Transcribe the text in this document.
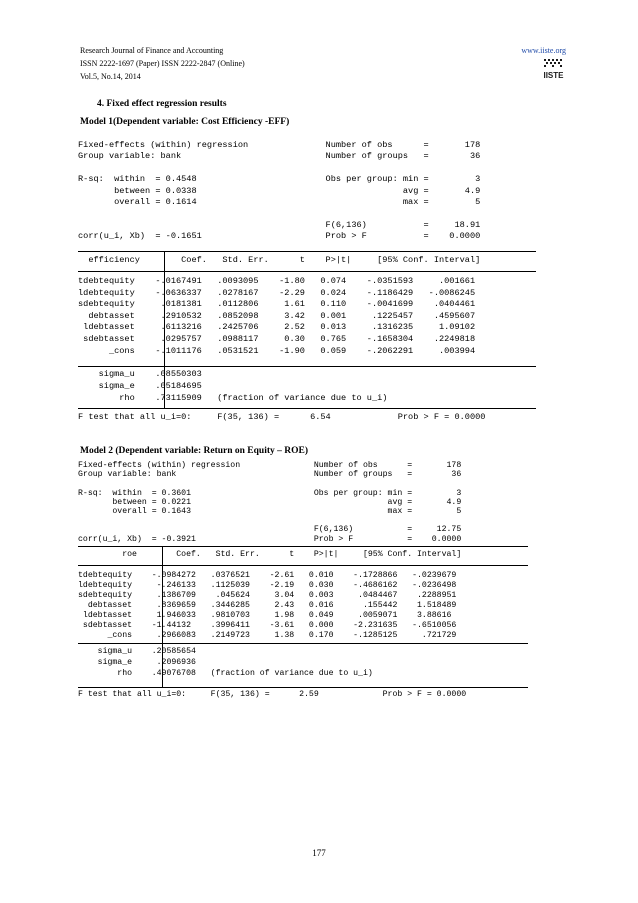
Research Journal of Finance and Accounting
ISSN 2222-1697 (Paper) ISSN 2222-2847 (Online)
Vol.5, No.14, 2014
www.iiste.org
IISTE
4. Fixed effect regression results
Model 1(Dependent variable: Cost Efficiency -EFF)

Fixed-effects (within) regression               Number of obs      =       178
Group variable: bank                            Number of groups   =        36
R-sq:  within  = 0.4548                         Obs per group: min =         3
between = 0.0338                                        avg =       4.9
overall = 0.1614                                        max =         5
F(6,136)           =     18.91
corr(u_i, Xb)  = -0.1651                        Prob > F           =    0.0000

efficiency        Coef.   Std. Err.      t    P>|t|     [95% Conf. Interval]

tdebtequity    -.0167491   .0093095    -1.80   0.074    -.0351593     .001661
ldebtequity    -.0636337   .0278167    -2.29   0.024    -.1186429   -.0086245
sdebtequity     .0181381   .0112806     1.61   0.110    -.0041699    .0404461
debtasset     .2910532   .0852098     3.42   0.001     .1225457    .4595607
ldebtasset     .6113216   .2425706     2.52   0.013     .1316235     1.09102
sdebtasset     .0295757   .0988117     0.30   0.765    -.1658304    .2249818
_cons    -.1011176   .0531521    -1.90   0.059    -.2062291     .003994

sigma_u    .08550303
sigma_e    .05184695
rho    .73115909   (fraction of variance due to u_i)

F test that all u_i=0:     F(35, 136) =      6.54             Prob > F = 0.0000

Model 2 (Dependent variable: Return on Equity – ROE)

Fixed-effects (within) regression               Number of obs      =       178
Group variable: bank                            Number of groups   =        36
R-sq:  within  = 0.3601                         Obs per group: min =         3
between = 0.0221                                        avg =       4.9
overall = 0.1643                                        max =         5
F(6,136)           =     12.75
corr(u_i, Xb)  = -0.3921                        Prob > F           =    0.0000

roe        Coef.   Std. Err.      t    P>|t|     [95% Conf. Interval]

tdebtequity    -.0984272   .0376521    -2.61   0.010    -.1728866   -.0239679
ldebtequity     -.246133   .1125039    -2.19   0.030    -.4686162   -.0236498
sdebtequity     .1386709    .045624     3.04   0.003     .0484467    .2288951
debtasset     .8369659   .3446285     2.43   0.016      .155442    1.518489
ldebtasset     1.946033   .9810703     1.98   0.049     .0059071    3.88616
sdebtasset    -1.44132    .3996411    -3.61   0.000    -2.231635   -.6510056
_cons     .2966083   .2149723     1.38   0.170    -.1285125     .721729

sigma_u    .20585654
sigma_e     .2096936
rho    .49076708   (fraction of variance due to u_i)

F test that all u_i=0:     F(35, 136) =      2.59             Prob > F = 0.0000

177
